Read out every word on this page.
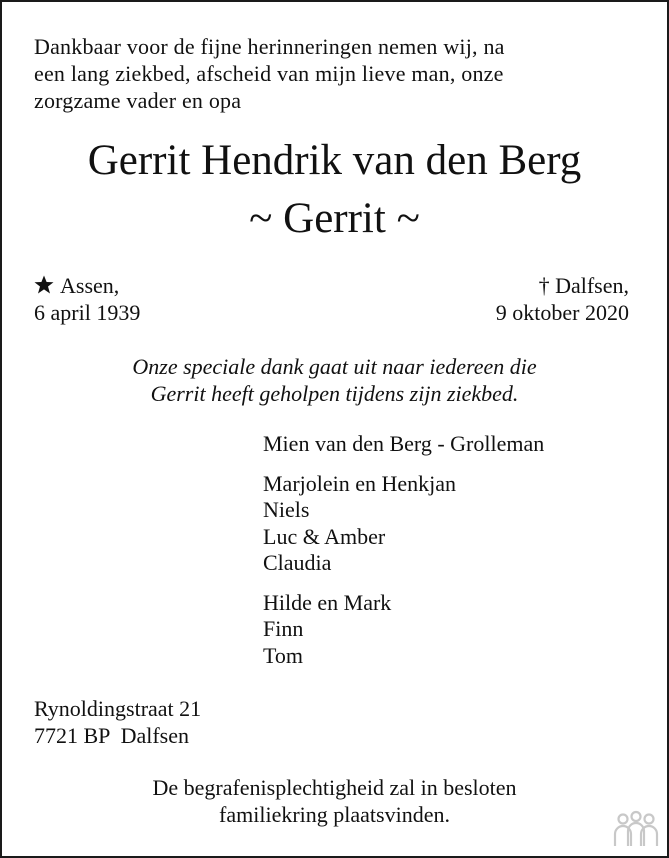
Dankbaar voor de fijne herinneringen nemen wij, na
een lang ziekbed, afscheid van mijn lieve man, onze
zorgzame vader en opa
Gerrit Hendrik van den Berg
~ Gerrit ~
Assen,
6 april 1939
† Dalfsen,
9 oktober 2020
Onze speciale dank gaat uit naar iedereen die
Gerrit heeft geholpen tijdens zijn ziekbed.
Mien van den Berg - Grolleman
Marjolein en Henkjan
Niels
Luc & Amber
Claudia
Hilde en Mark
Finn
Tom
Rynoldingstraat 21
7721 BP  Dalfsen
De begrafenisplechtigheid zal in besloten
familiekring plaatsvinden.
